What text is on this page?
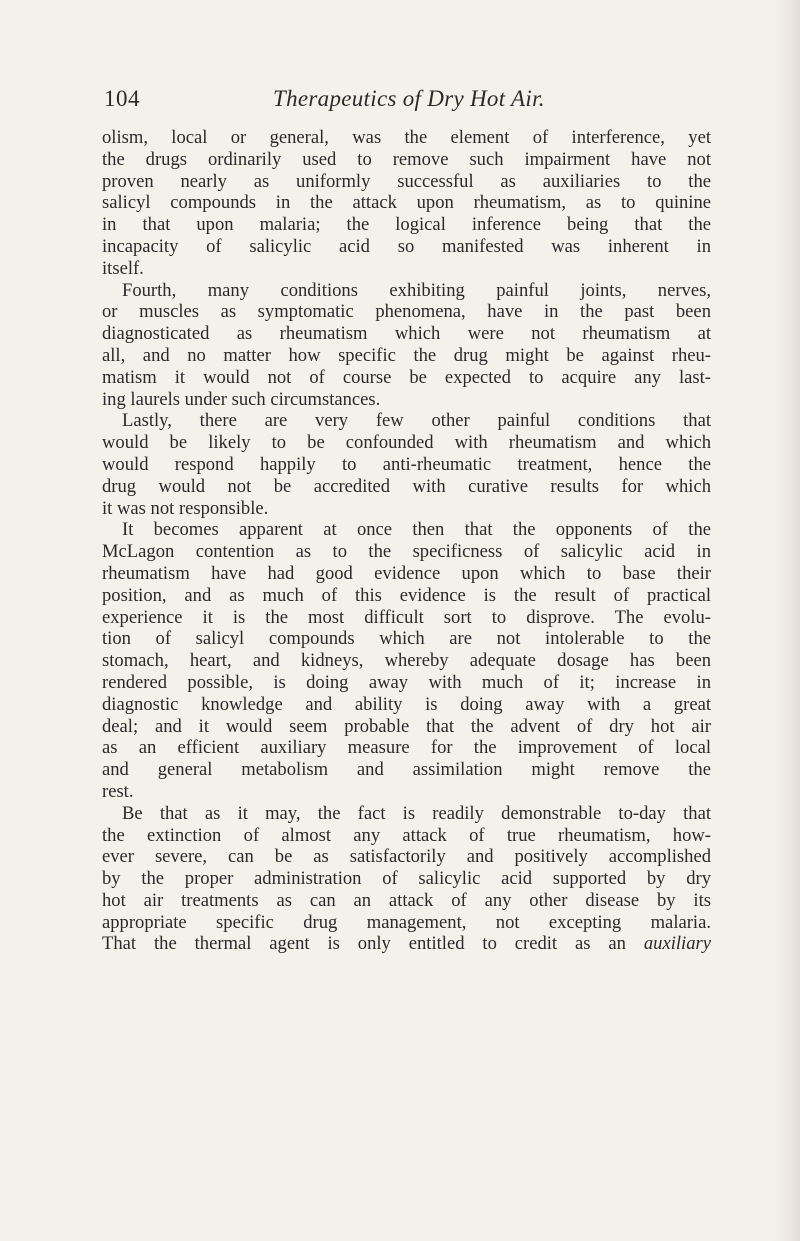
104	Therapeutics of Dry Hot Air.
olism, local or general, was the element of interference, yet
the drugs ordinarily used to remove such impairment have not
proven nearly as uniformly successful as auxiliaries to the
salicyl compounds in the attack upon rheumatism, as to quinine
in that upon malaria; the logical inference being that the
incapacity of salicylic acid so manifested was inherent in
itself.
Fourth, many conditions exhibiting painful joints, nerves,
or muscles as symptomatic phenomena, have in the past been
diagnosticated as rheumatism which were not rheumatism at
all, and no matter how specific the drug might be against rheu-
matism it would not of course be expected to acquire any last-
ing laurels under such circumstances.
Lastly, there are very few other painful conditions that
would be likely to be confounded with rheumatism and which
would respond happily to anti-rheumatic treatment, hence the
drug would not be accredited with curative results for which
it was not responsible.
It becomes apparent at once then that the opponents of the
McLagon contention as to the specificness of salicylic acid in
rheumatism have had good evidence upon which to base their
position, and as much of this evidence is the result of practical
experience it is the most difficult sort to disprove. The evolu-
tion of salicyl compounds which are not intolerable to the
stomach, heart, and kidneys, whereby adequate dosage has been
rendered possible, is doing away with much of it; increase in
diagnostic knowledge and ability is doing away with a great
deal; and it would seem probable that the advent of dry hot air
as an efficient auxiliary measure for the improvement of local
and general metabolism and assimilation might remove the
rest.
Be that as it may, the fact is readily demonstrable to-day that
the extinction of almost any attack of true rheumatism, how-
ever severe, can be as satisfactorily and positively accomplished
by the proper administration of salicylic acid supported by dry
hot air treatments as can an attack of any other disease by its
appropriate specific drug management, not excepting malaria.
That the thermal agent is only entitled to credit as an auxiliary
